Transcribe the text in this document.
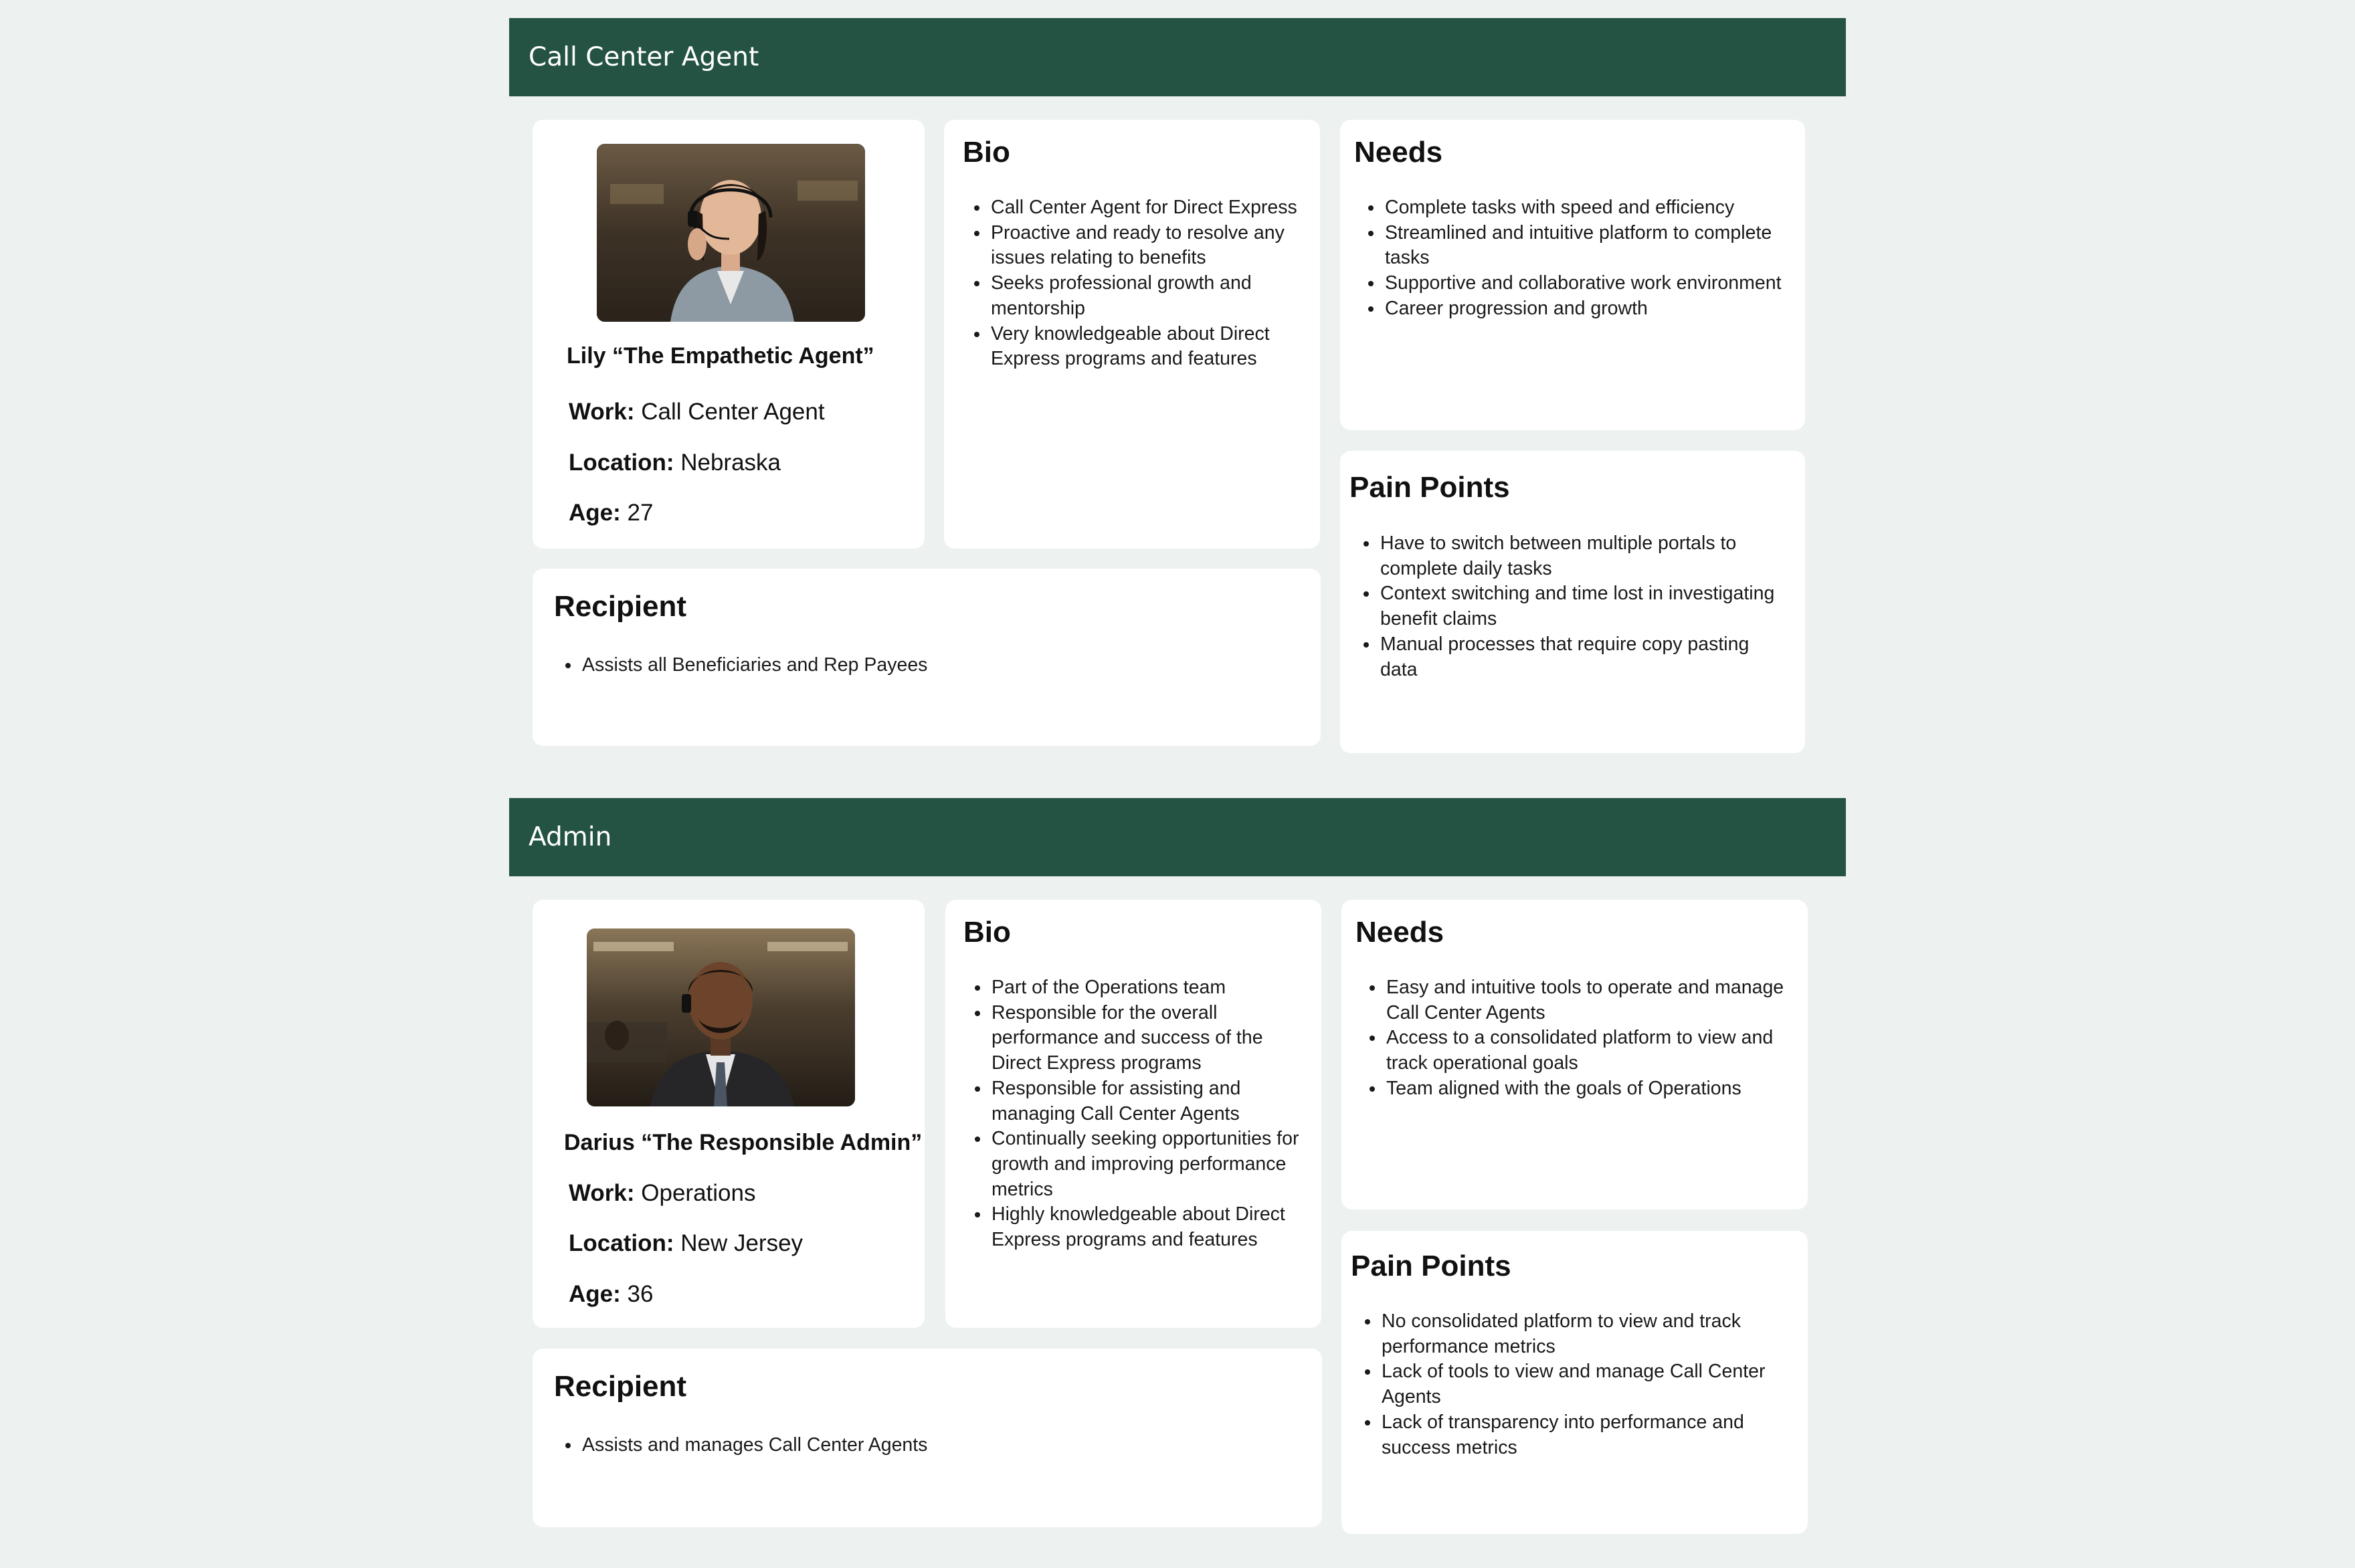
Call Center Agent
Lily “The Empathetic Agent”
Work: Call Center Agent
Location: Nebraska
Age: 27
Bio
• Call Center Agent for Direct Express
• Proactive and ready to resolve any issues relating to benefits
• Seeks professional growth and mentorship
• Very knowledgeable about Direct Express programs and features
Needs
• Complete tasks with speed and efficiency
• Streamlined and intuitive platform to complete tasks
• Supportive and collaborative work environment
• Career progression and growth
Pain Points
• Have to switch between multiple portals to complete daily tasks
• Context switching and time lost in investigating benefit claims
• Manual processes that require copy pasting data
Recipient
• Assists all Beneficiaries and Rep Payees
Admin
Darius “The Responsible Admin”
Work: Operations
Location: New Jersey
Age: 36
Bio
• Part of the Operations team
• Responsible for the overall performance and success of the Direct Express programs
• Responsible for assisting and managing Call Center Agents
• Continually seeking opportunities for growth and improving performance metrics
• Highly knowledgeable about Direct Express programs and features
Needs
• Easy and intuitive tools to operate and manage Call Center Agents
• Access to a consolidated platform to view and track operational goals
• Team aligned with the goals of Operations
Pain Points
• No consolidated platform to view and track performance metrics
• Lack of tools to view and manage Call Center Agents
• Lack of transparency into performance and success metrics
Recipient
• Assists and manages Call Center Agents
